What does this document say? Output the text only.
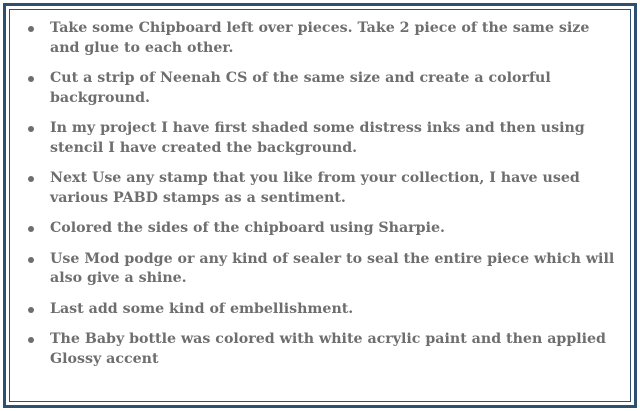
Take some Chipboard left over pieces. Take 2 piece of the same size and glue to each other.
Cut a strip of Neenah CS of the same size and create a colorful background.
In my project I have first shaded some distress inks and then using stencil I have created the background.
Next Use any stamp that you like from your collection, I have used various PABD stamps as a sentiment.
Colored the sides of the chipboard using Sharpie.
Use Mod podge or any kind of sealer to seal the entire piece which will also give a shine.
Last add some kind of embellishment.
The Baby bottle was colored with white acrylic paint and then applied Glossy accent
